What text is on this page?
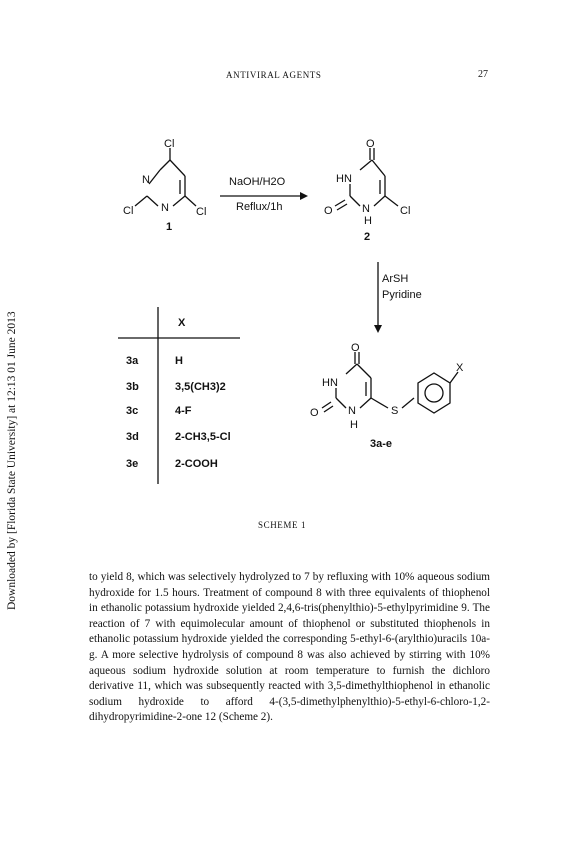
ANTIVIRAL AGENTS	27
Downloaded by [Florida State University] at 12:13 01 June 2013
Cl
N
N
Cl	Cl
1
NaOH/H2O
Reflux/1h
O
HN
O	N
H
Cl
2
ArSH
Pyridine
X
3a	H
3b	3,5(CH3)2
3c	4-F
3d	2-CH3,5-Cl
3e	2-COOH
O
HN
O	N
H
S
X
3a-e
SCHEME 1

to yield 8, which was selectively hydrolyzed to 7 by refluxing with 10% aqueous sodium hydroxide for 1.5 hours. Treatment of compound 8 with three equivalents of thiophenol in ethanolic potassium hydroxide yielded 2,4,6-tris(phenylthio)-5-ethylpyrimidine 9. The reaction of 7 with equimolecular amount of thiophenol or substituted thiophenols in ethanolic potassium hydroxide yielded the corresponding 5-ethyl-6-(arylthio)uracils 10a-g. A more selective hydrolysis of compound 8 was also achieved by stirring with 10% aqueous sodium hydroxide solution at room temperature to furnish the dichloro derivative 11, which was subsequently reacted with 3,5-dimethylthiophenol in ethanolic sodium hydroxide to afford 4-(3,5-dimethylphenylthio)-5-ethyl-6-chloro-1,2-dihydropyrimidine-2-one 12 (Scheme 2).
